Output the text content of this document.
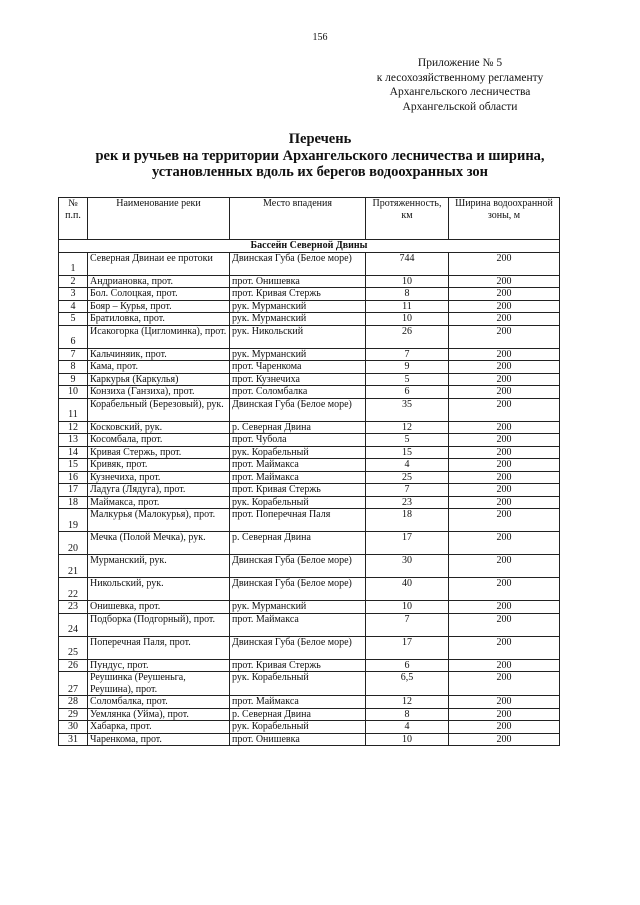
156
Приложение № 5
к лесохозяйственному регламенту
Архангельского лесничества
Архангельской области
Перечень
рек и ручьев на территории Архангельского лесничества и ширина,
установленных вдоль их берегов водоохранных зон
№ п.п.	Наименование реки	Место впадения	Протяженность, км	Ширина водоохранной зоны, м
Бассейн Северной Двины				
1	Северная Двинаи ее протоки	Двинская Губа (Белое море)	744	200
2	Андриановка, прот.	прот. Онишевка	10	200
3	Бол. Солоцкая, прот.	прот. Кривая Стержь	8	200
4	Бояр – Курья, прот.	рук. Мурманский	11	200
5	Братиловка, прот.	рук. Мурманский	10	200
6	Исакогорка (Цигломинка), прот.	рук. Никольский	26	200
7	Кальчиняик, прот.	рук. Мурманский	7	200
8	Кама, прот.	прот. Чаренкома	9	200
9	Каркурья (Каркулья)	прот. Кузнечиха	5	200
10	Конзиха (Ганзиха), прот.	прот. Соломбалка	6	200
11	Корабельный (Березовый), рук.	Двинская Губа (Белое море)	35	200
12	Косковский, рук.	р. Северная Двина	12	200
13	Косомбала, прот.	прот. Чубола	5	200
14	Кривая Стержь, прот.	рук. Корабельный	15	200
15	Кривяк, прот.	прот. Маймакса	4	200
16	Кузнечиха, прот.	прот. Маймакса	25	200
17	Ладуга (Лядуга), прот.	прот. Кривая Стержь	7	200
18	Маймакса, прот.	рук. Корабельный	23	200
19	Малкурья (Малокурья), прот.	прот. Поперечная Паля	18	200
20	Мечка (Полой Мечка), рук.	р. Северная Двина	17	200
21	Мурманский, рук.	Двинская Губа (Белое море)	30	200
22	Никольский, рук.	Двинская Губа (Белое море)	40	200
23	Онишевка, прот.	рук. Мурманский	10	200
24	Подборка (Подгорный), прот.	прот. Маймакса	7	200
25	Поперечная Паля, прот.	Двинская Губа (Белое море)	17	200
26	Пундус, прот.	прот. Кривая Стержь	6	200
27	Реушинка (Реушеньга, Реушина), прот.	рук. Корабельный	6,5	200
28	Соломбалка, прот.	прот. Маймакса	12	200
29	Уемлянка (Уйма), прот.	р. Северная Двина	8	200
30	Хабарка, прот.	рук. Корабельный	4	200
31	Чаренкома, прот.	прот. Онишевка	10	200
